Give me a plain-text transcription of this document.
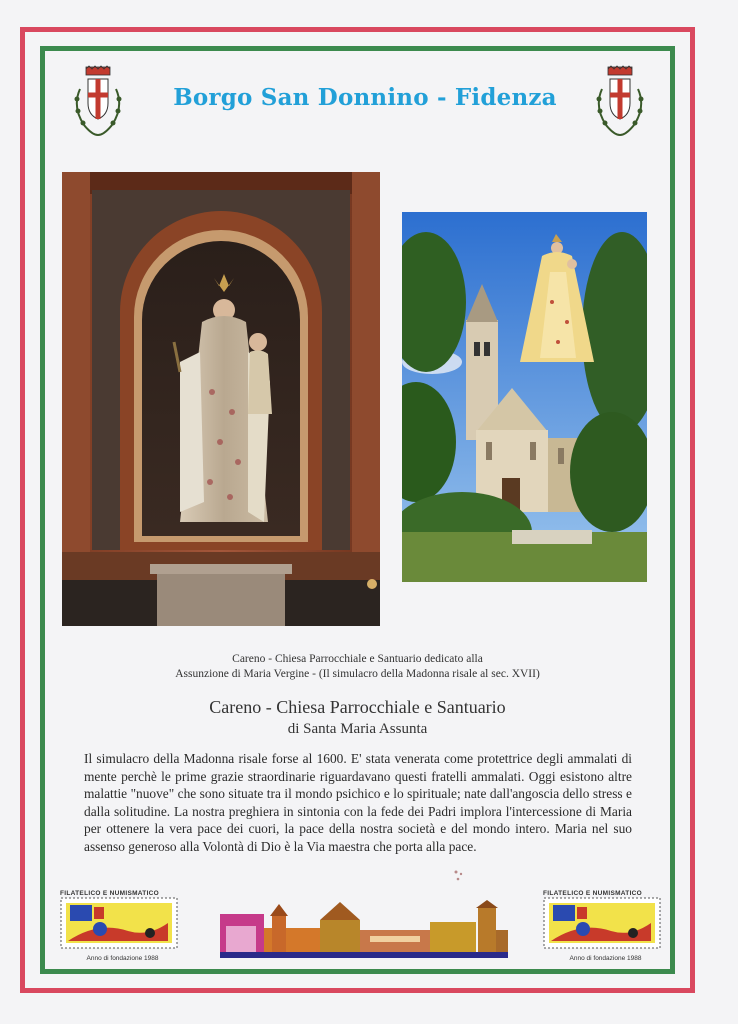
Borgo San Donnino - Fidenza
Careno - Chiesa Parrocchiale e Santuario dedicato alla
Assunzione di Maria Vergine - (Il simulacro della Madonna risale al sec. XVII)
Careno - Chiesa Parrocchiale e Santuario
di Santa Maria Assunta
Il simulacro della Madonna risale forse al 1600. E' stata venerata come protettrice degli ammalati di mente perchè le prime grazie straordinarie riguardavano questi fratelli ammalati. Oggi esistono altre malattie "nuove" che sono situate tra il mondo psichico e lo spirituale; nate dall'angoscia dello stress e dalla solitudine. La nostra preghiera in sintonia con la fede dei Padri implora l'intercessione di Maria per ottenere la vera pace dei cuori, la pace della nostra società e del mondo intero. Maria nel suo assenso generoso alla Volontà di Dio è la Via maestra che porta alla pace.
FILATELICO E NUMISMATICO
Anno di fondazione 1988
FILATELICO E NUMISMATICO
Anno di fondazione 1988
